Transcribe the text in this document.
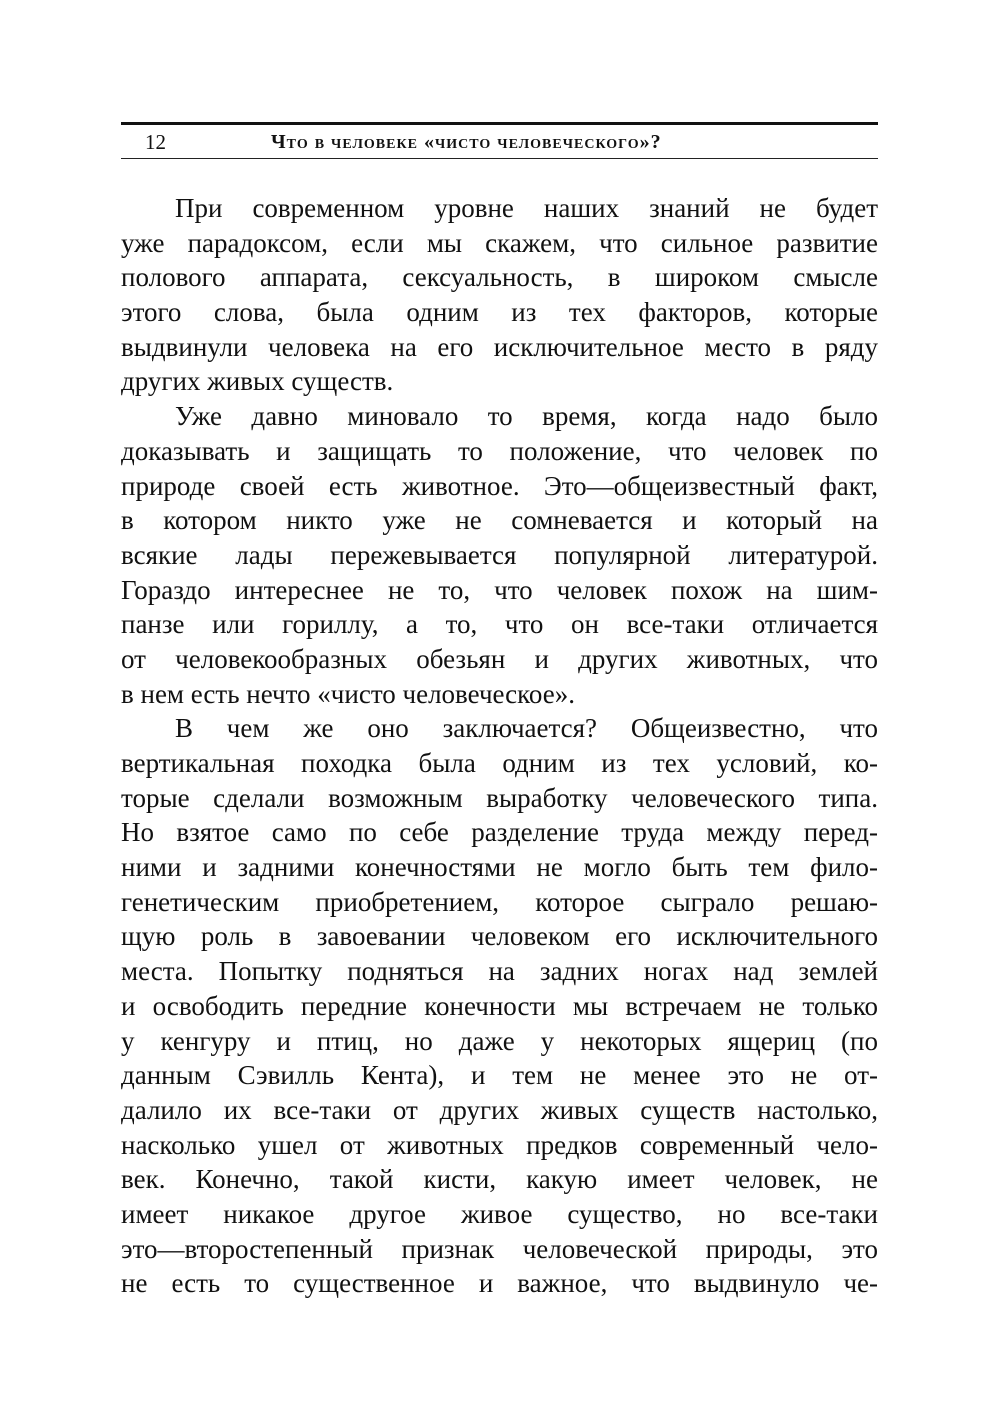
12	Что в человеке «чисто человеческого»?
При современном уровне наших знаний не будет
уже парадоксом, если мы скажем, что сильное развитие
полового аппарата, сексуальность, в широком смысле
этого слова, была одним из тех факторов, которые
выдвинули человека на его исключительное место в ряду
других живых существ.
Уже давно миновало то время, когда надо было
доказывать и защищать то положение, что человек по
природе своей есть животное. Это—общеизвестный факт,
в котором никто уже не сомневается и который на
всякие лады пережевывается популярной литературой.
Гораздо интереснее не то, что человек похож на шим-
панзе или гориллу, а то, что он все-таки отличается
от человекообразных обезьян и других животных, что
в нем есть нечто «чисто человеческое».
В чем же оно заключается? Общеизвестно, что
вертикальная походка была одним из тех условий, ко-
торые сделали возможным выработку человеческого типа.
Но взятое само по себе разделение труда между перед-
ними и задними конечностями не могло быть тем фило-
генетическим приобретением, которое сыграло решаю-
щую роль в завоевании человеком его исключительного
места. Попытку подняться на задних ногах над землей
и освободить передние конечности мы встречаем не только
у кенгуру и птиц, но даже у некоторых ящериц (по
данным Сэвилль Кента), и тем не менее это не от-
далило их все-таки от других живых существ настолько,
насколько ушел от животных предков современный чело-
век. Конечно, такой кисти, какую имеет человек, не
имеет никакое другое живое существо, но все-таки
это—второстепенный признак человеческой природы, это
не есть то существенное и важное, что выдвинуло че-
